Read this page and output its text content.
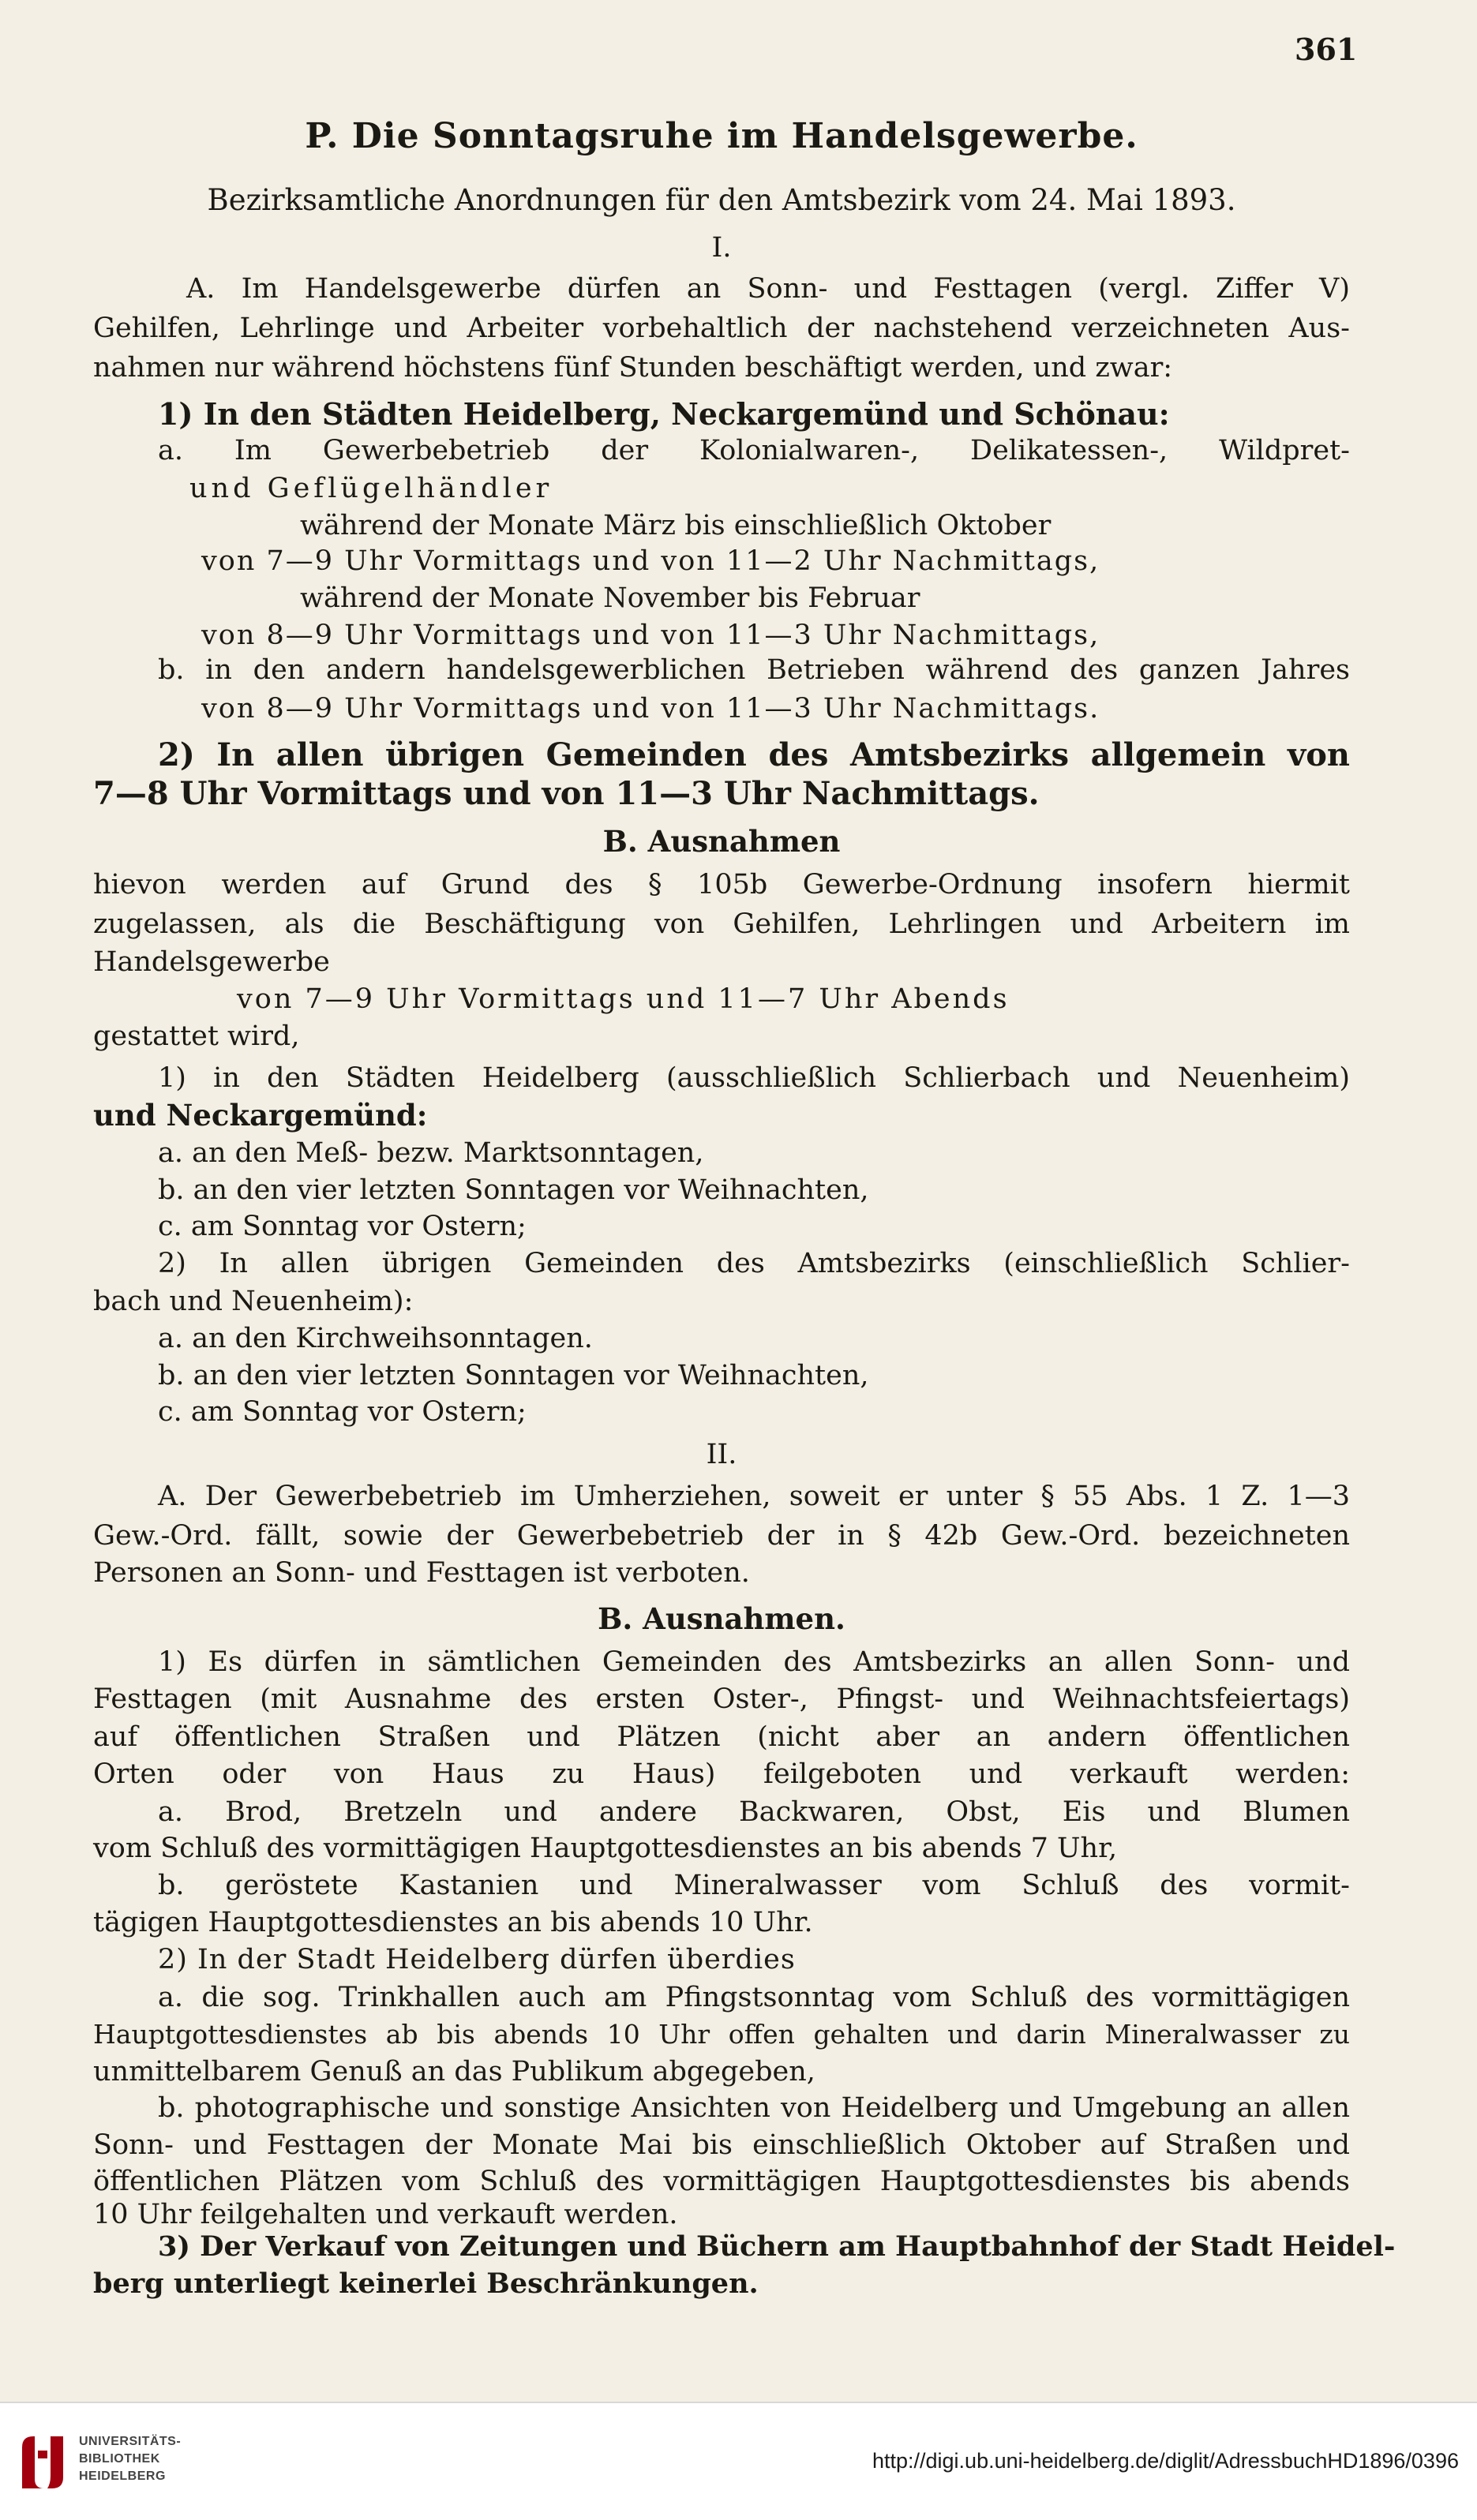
361
P. Die Sonntagsruhe im Handelsgewerbe.
Bezirksamtliche Anordnungen für den Amtsbezirk vom 24. Mai 1893.
I.
A. Im Handelsgewerbe dürfen an Sonn- und Festtagen (vergl. Ziffer V)
Gehilfen, Lehrlinge und Arbeiter vorbehaltlich der nachstehend verzeichneten Aus-
nahmen nur während höchstens fünf Stunden beschäftigt werden, und zwar:
1) In den Städten Heidelberg, Neckargemünd und Schönau:
a. Im Gewerbebetrieb der Kolonialwaren-, Delikatessen-, Wildpret-
und Geflügelhändler
während der Monate März bis einschließlich Oktober
von 7—9 Uhr Vormittags und von 11—2 Uhr Nachmittags,
während der Monate November bis Februar
von 8—9 Uhr Vormittags und von 11—3 Uhr Nachmittags,
b. in den andern handelsgewerblichen Betrieben während des ganzen Jahres
von 8—9 Uhr Vormittags und von 11—3 Uhr Nachmittags.
2) In allen übrigen Gemeinden des Amtsbezirks allgemein von
7—8 Uhr Vormittags und von 11—3 Uhr Nachmittags.
B. Ausnahmen
hievon werden auf Grund des § 105b Gewerbe-Ordnung insofern hiermit
zugelassen, als die Beschäftigung von Gehilfen, Lehrlingen und Arbeitern im
Handelsgewerbe
von 7—9 Uhr Vormittags und 11—7 Uhr Abends
gestattet wird,
1) in den Städten Heidelberg (ausschließlich Schlierbach und Neuenheim)
und Neckargemünd:
a. an den Meß- bezw. Marktsonntagen,
b. an den vier letzten Sonntagen vor Weihnachten,
c. am Sonntag vor Ostern;
2) In allen übrigen Gemeinden des Amtsbezirks (einschließlich Schlier-
bach und Neuenheim):
a. an den Kirchweihsonntagen.
b. an den vier letzten Sonntagen vor Weihnachten,
c. am Sonntag vor Ostern;
II.
A. Der Gewerbebetrieb im Umherziehen, soweit er unter § 55 Abs. 1 Z. 1—3
Gew.-Ord. fällt, sowie der Gewerbebetrieb der in § 42b Gew.-Ord. bezeichneten
Personen an Sonn- und Festtagen ist verboten.
B. Ausnahmen.
1) Es dürfen in sämtlichen Gemeinden des Amtsbezirks an allen Sonn- und
Festtagen (mit Ausnahme des ersten Oster-, Pfingst- und Weihnachtsfeiertags)
auf öffentlichen Straßen und Plätzen (nicht aber an andern öffentlichen
Orten oder von Haus zu Haus) feilgeboten und verkauft werden:
a. Brod, Bretzeln und andere Backwaren, Obst, Eis und Blumen
vom Schluß des vormittägigen Hauptgottesdienstes an bis abends 7 Uhr,
b. geröstete Kastanien und Mineralwasser vom Schluß des vormit-
tägigen Hauptgottesdienstes an bis abends 10 Uhr.
2) In der Stadt Heidelberg dürfen überdies
a. die sog. Trinkhallen auch am Pfingstsonntag vom Schluß des vormittägigen
Hauptgottesdienstes ab bis abends 10 Uhr offen gehalten und darin Mineralwasser zu
unmittelbarem Genuß an das Publikum abgegeben,
b. photographische und sonstige Ansichten von Heidelberg und Umgebung an allen
Sonn- und Festtagen der Monate Mai bis einschließlich Oktober auf Straßen und
öffentlichen Plätzen vom Schluß des vormittägigen Hauptgottesdienstes bis abends
10 Uhr feilgehalten und verkauft werden.
3) Der Verkauf von Zeitungen und Büchern am Hauptbahnhof der Stadt Heidel-
berg unterliegt keinerlei Beschränkungen.
UNIVERSITÄTS-
BIBLIOTHEK
HEIDELBERG
http://digi.ub.uni-heidelberg.de/diglit/AdressbuchHD1896/0396
